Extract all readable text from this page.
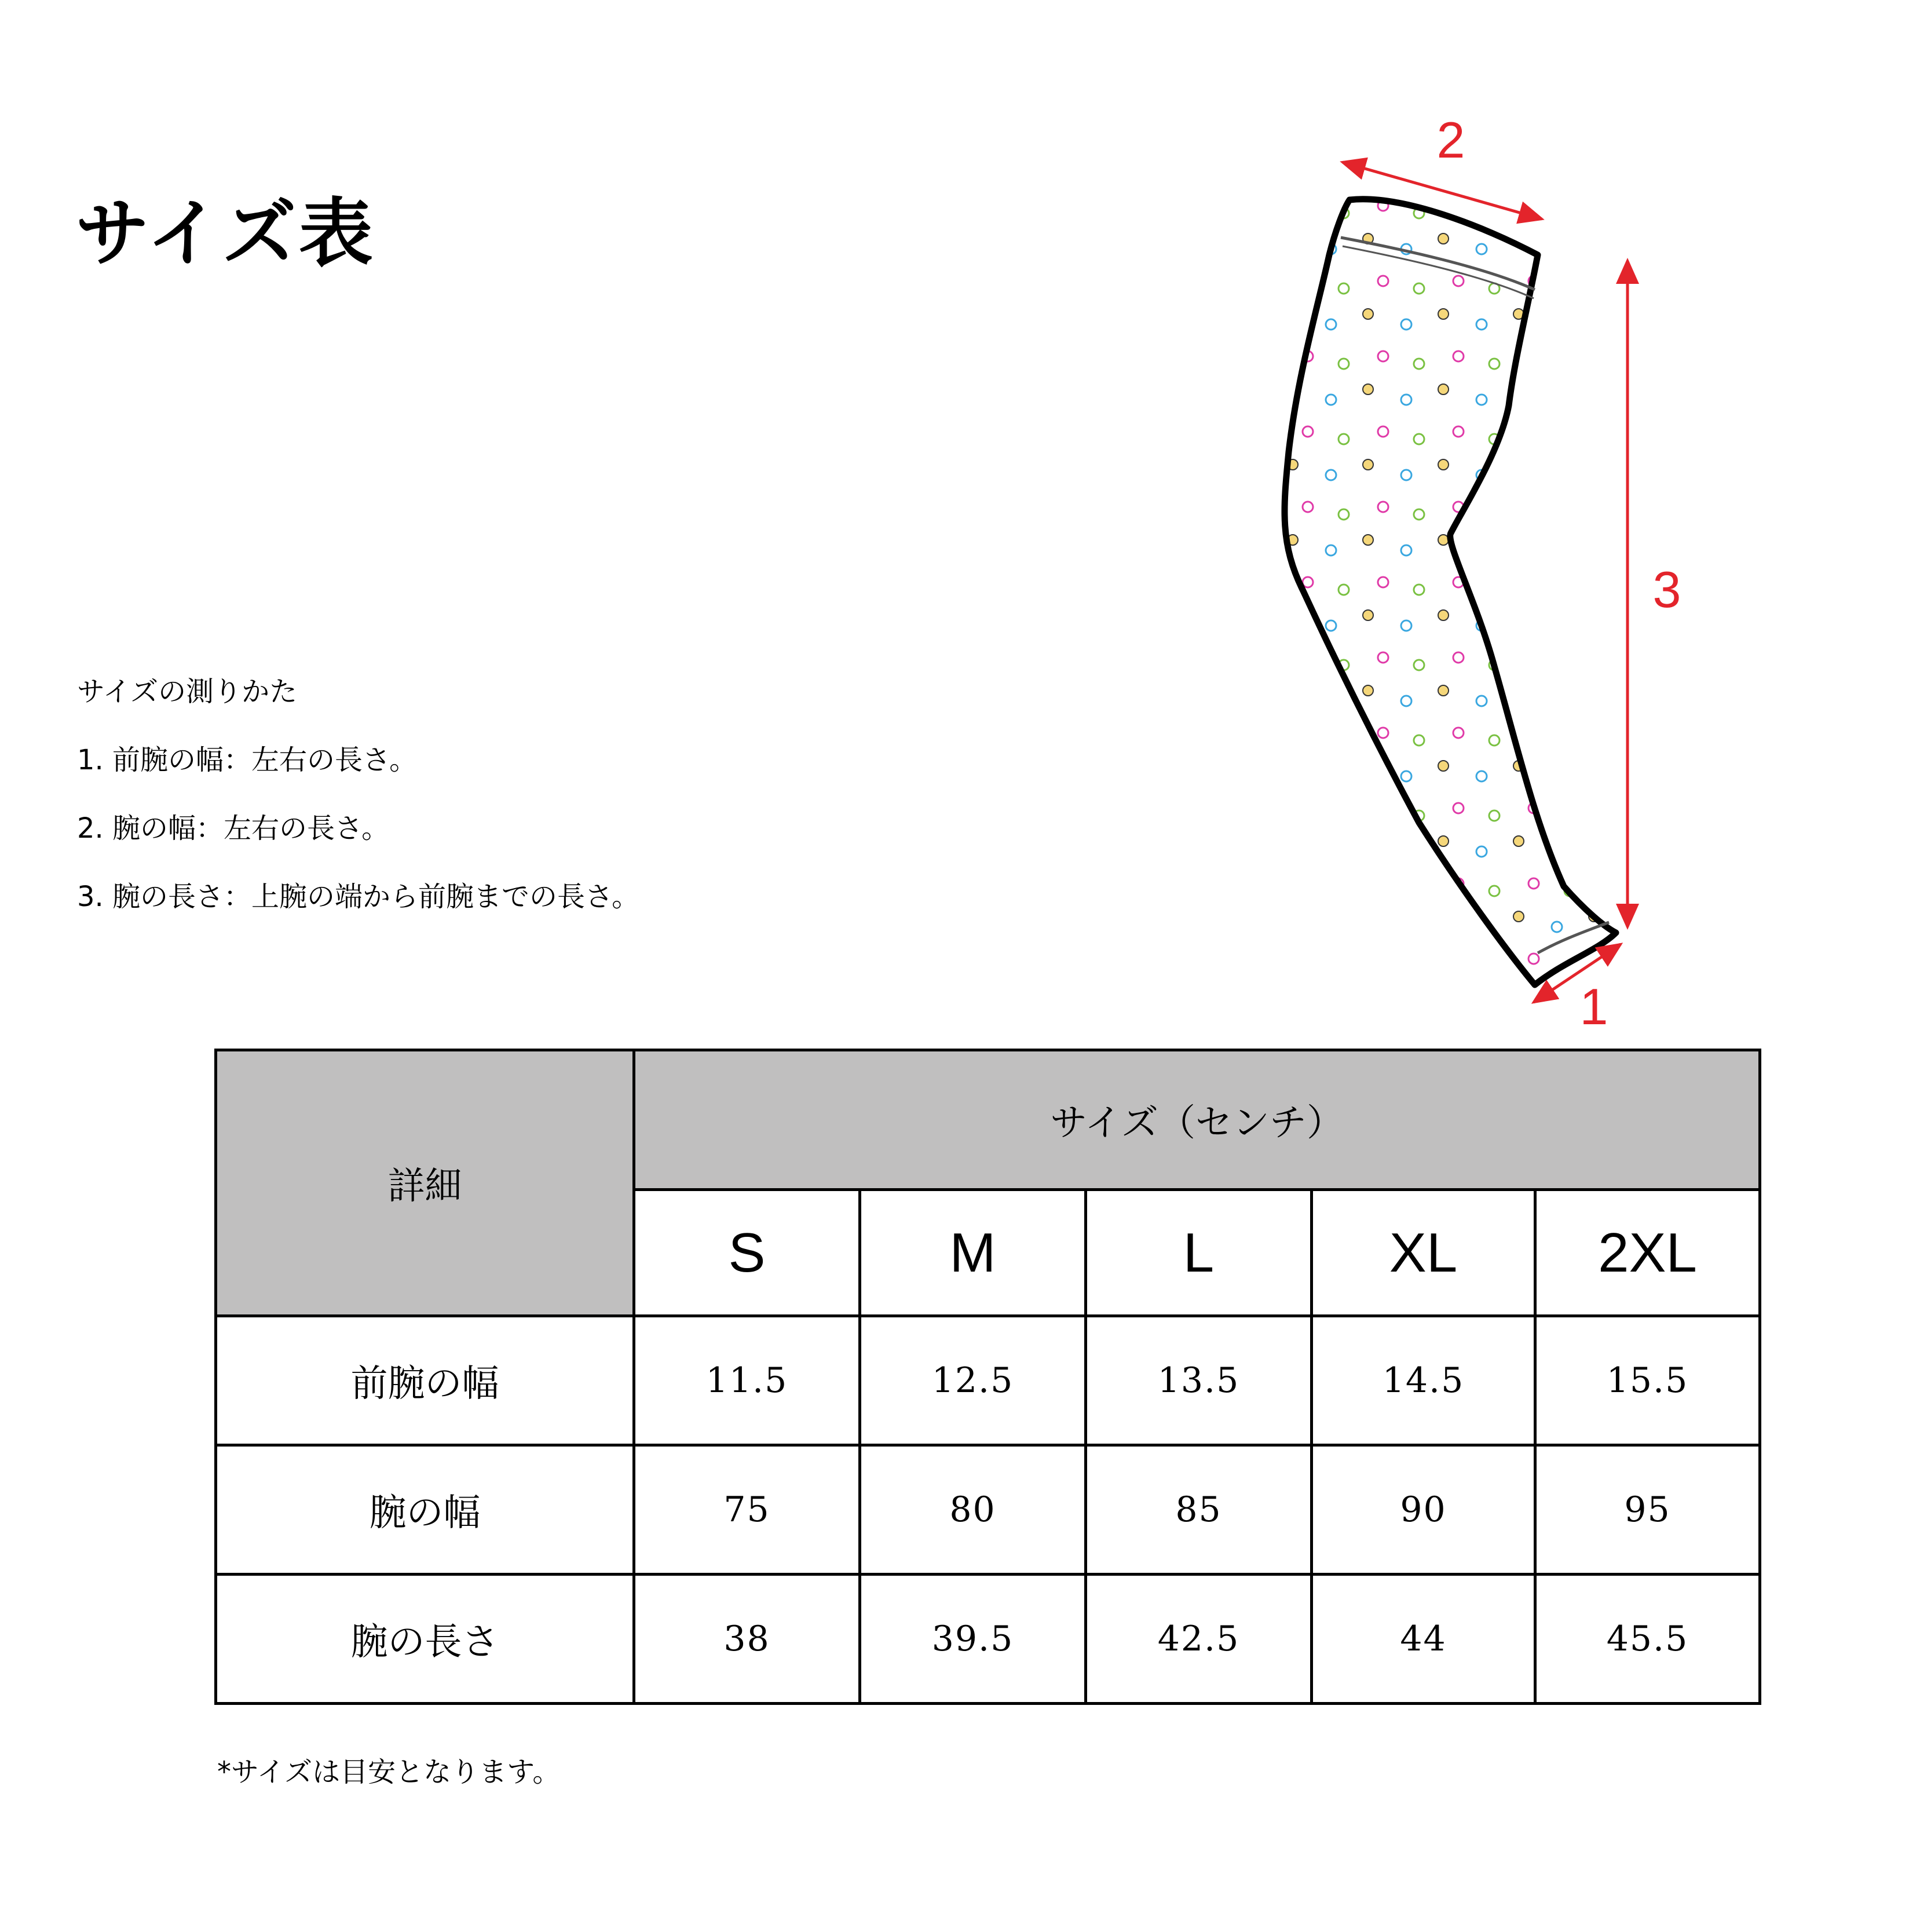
サイズ表
サイズの測りかた
1. 前腕の幅：左右の長さ。
2. 腕の幅：左右の長さ。
3. 腕の長さ：上腕の端から前腕までの長さ。
2
3
1
詳細	サイズ（センチ）				
	S	M	L	XL	2XL
前腕の幅	11.5	12.5	13.5	14.5	15.5
腕の幅	75	80	85	90	95
腕の長さ	38	39.5	42.5	44	45.5
*サイズは目安となります。
